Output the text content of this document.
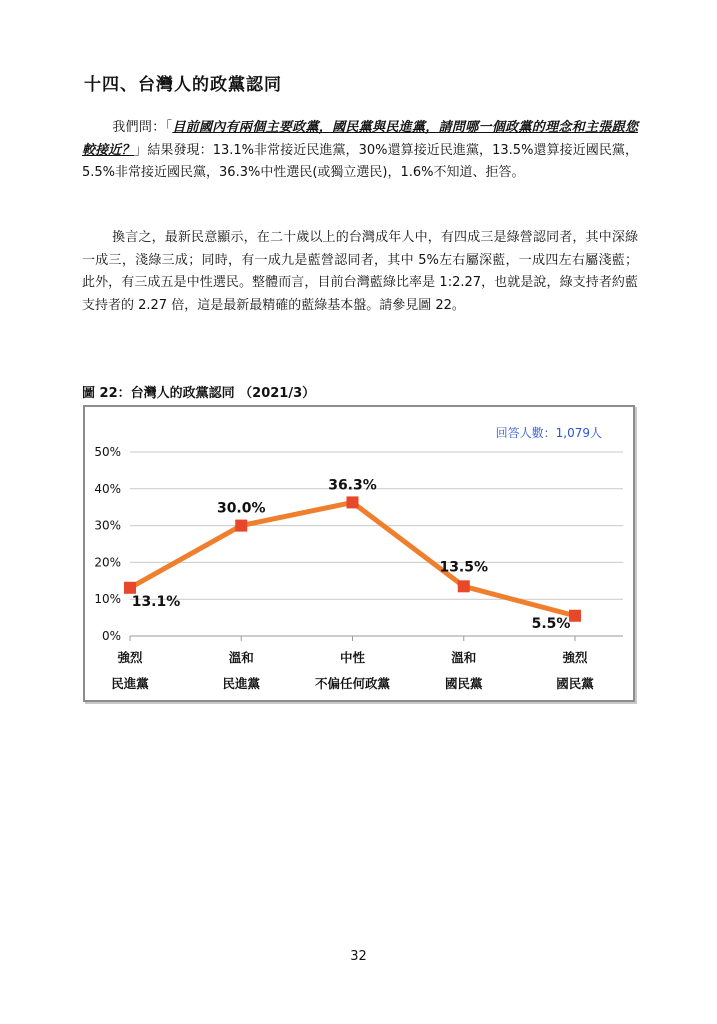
十四、台灣人的政黨認同
我們問：「目前國內有兩個主要政黨，國民黨與民進黨，請問哪一個政黨的理念和主張跟您較接近？」結果發現：13.1%非常接近民進黨，30%還算接近民進黨，13.5%還算接近國民黨，5.5%非常接近國民黨，36.3%中性選民(或獨立選民)，1.6%不知道、拒答。
換言之，最新民意顯示，在二十歲以上的台灣成年人中，有四成三是綠營認同者，其中深綠一成三，淺綠三成；同時，有一成九是藍營認同者，其中 5%左右屬深藍，一成四左右屬淺藍；此外，有三成五是中性選民。整體而言，目前台灣藍綠比率是 1:2.27，也就是說，綠支持者約藍支持者的 2.27 倍，這是最新最精確的藍綠基本盤。請參見圖 22。
圖 22：台灣人的政黨認同 （2021/3）
0%
10%
20%
30%
40%
50%
強烈
民進黨
溫和
民進黨
中性
不偏任何政黨
溫和
國民黨
強烈
國民黨
13.1%
30.0%
36.3%
13.5%
5.5%
回答人數：1,079人
32
